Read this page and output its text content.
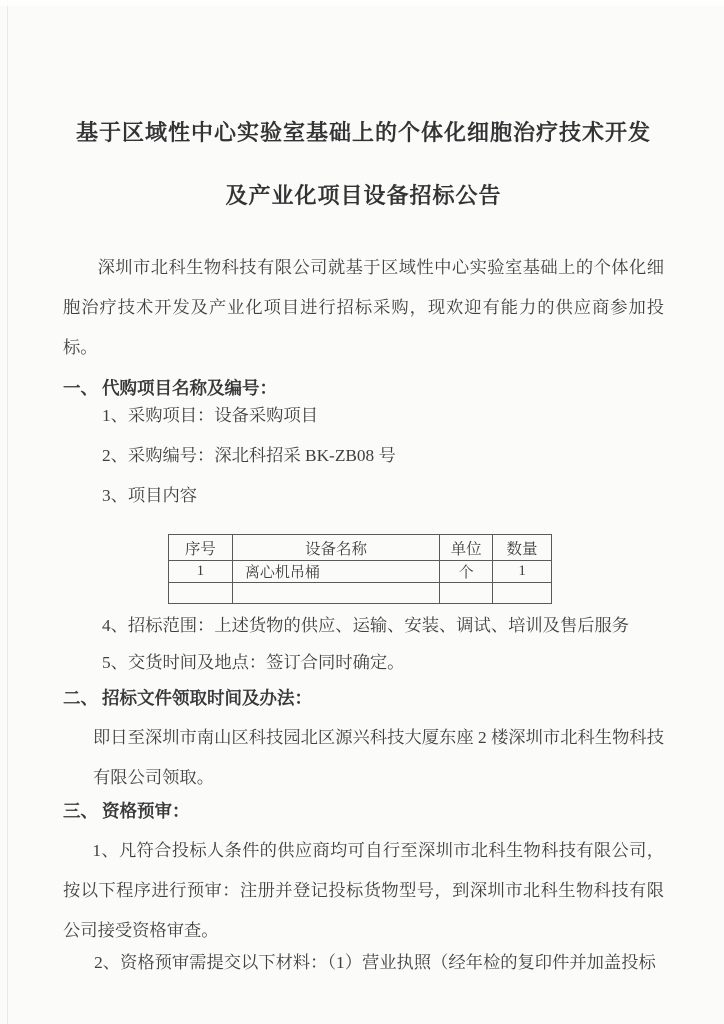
基于区域性中心实验室基础上的个体化细胞治疗技术开发
及产业化项目设备招标公告

深圳市北科生物科技有限公司就基于区域性中心实验室基础上的个体化细胞治疗技术开发及产业化项目进行招标采购，现欢迎有能力的供应商参加投标。

一、 代购项目名称及编号：
1、采购项目：设备采购项目
2、采购编号：深北科招采 BK-ZB08 号
3、项目内容
序号	设备名称	单位	数量
1	离心机吊桶	个	1

4、招标范围：上述货物的供应、运输、安装、调试、培训及售后服务
5、交货时间及地点：签订合同时确定。
二、 招标文件领取时间及办法：

即日至深圳市南山区科技园北区源兴科技大厦东座 2 楼深圳市北科生物科技有限公司领取。

三、 资格预审：

1、凡符合投标人条件的供应商均可自行至深圳市北科生物科技有限公司，按以下程序进行预审：注册并登记投标货物型号，到深圳市北科生物科技有限公司接受资格审查。

2、资格预审需提交以下材料：（1）营业执照（经年检的复印件并加盖投标
